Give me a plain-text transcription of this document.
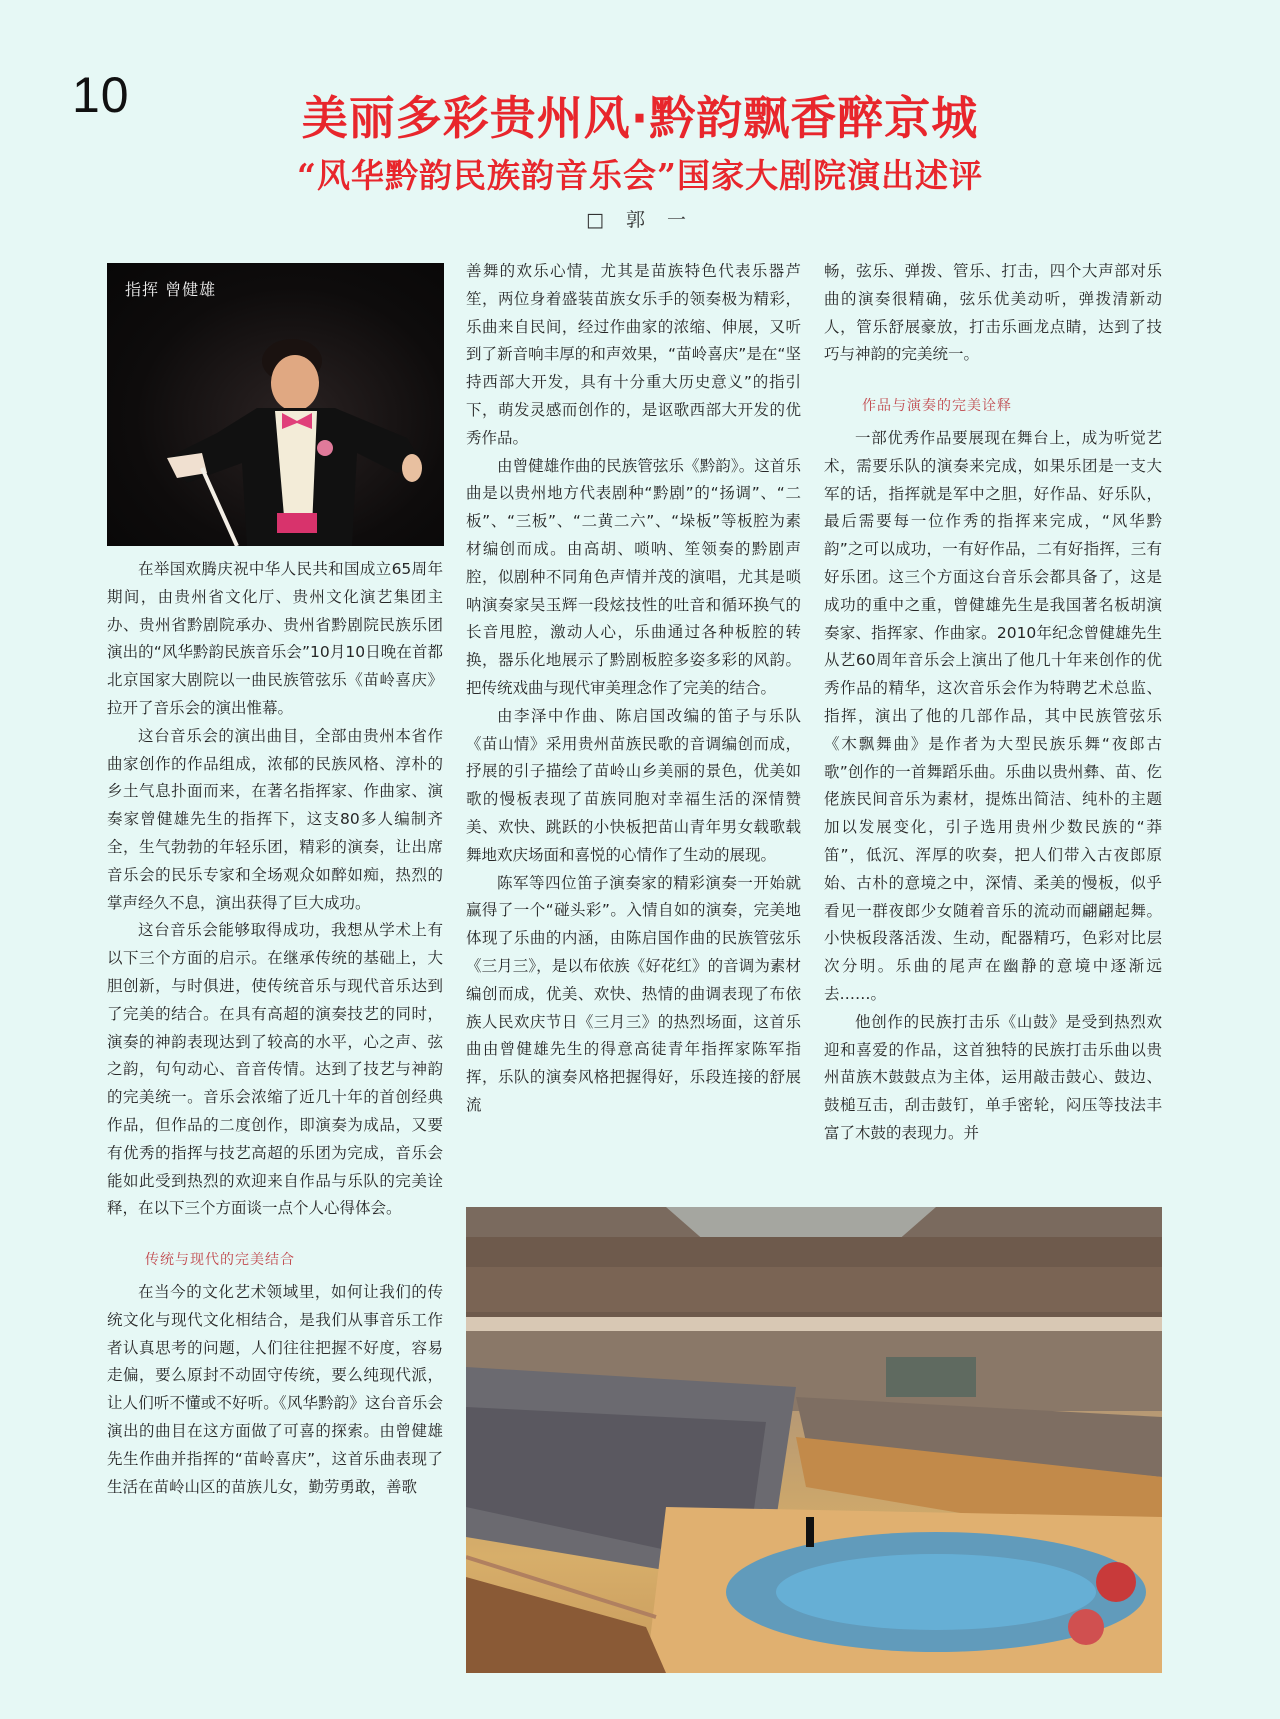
10	美丽多彩贵州风·黔韵飘香醉京城
“风华黔韵民族韵音乐会”国家大剧院演出述评
□ 郭 一
指挥 曾健雄

在举国欢腾庆祝中华人民共和国成立65周年期间，由贵州省文化厅、贵州文化演艺集团主办、贵州省黔剧院承办、贵州省黔剧院民族乐团演出的“风华黔韵民族音乐会”10月10日晚在首都北京国家大剧院以一曲民族管弦乐《苗岭喜庆》拉开了音乐会的演出惟幕。

这台音乐会的演出曲目，全部由贵州本省作曲家创作的作品组成，浓郁的民族风格、淳朴的乡土气息扑面而来，在著名指挥家、作曲家、演奏家曾健雄先生的指挥下，这支80多人编制齐全，生气勃勃的年轻乐团，精彩的演奏，让出席音乐会的民乐专家和全场观众如醉如痴，热烈的掌声经久不息，演出获得了巨大成功。

这台音乐会能够取得成功，我想从学术上有以下三个方面的启示。在继承传统的基础上，大胆创新，与时俱进，使传统音乐与现代音乐达到了完美的结合。在具有高超的演奏技艺的同时，演奏的神韵表现达到了较高的水平，心之声、弦之韵，句句动心、音音传情。达到了技艺与神韵的完美统一。音乐会浓缩了近几十年的首创经典作品，但作品的二度创作，即演奏为成品，又要有优秀的指挥与技艺高超的乐团为完成，音乐会能如此受到热烈的欢迎来自作品与乐队的完美诠释，在以下三个方面谈一点个人心得体会。

传统与现代的完美结合

在当今的文化艺术领域里，如何让我们的传统文化与现代文化相结合，是我们从事音乐工作者认真思考的问题，人们往往把握不好度，容易走偏，要么原封不动固守传统，要么纯现代派，让人们听不懂或不好听。《风华黔韵》这台音乐会演出的曲目在这方面做了可喜的探索。由曾健雄先生作曲并指挥的“苗岭喜庆”，这首乐曲表现了生活在苗岭山区的苗族儿女，勤劳勇敢，善歌

善舞的欢乐心情，尤其是苗族特色代表乐器芦笙，两位身着盛装苗族女乐手的领奏极为精彩，乐曲来自民间，经过作曲家的浓缩、伸展，又听到了新音响丰厚的和声效果，“苗岭喜庆”是在“坚持西部大开发，具有十分重大历史意义”的指引下，萌发灵感而创作的，是讴歌西部大开发的优秀作品。

由曾健雄作曲的民族管弦乐《黔韵》。这首乐曲是以贵州地方代表剧种“黔剧”的“扬调”、“二板”、“三板”、“二黄二六”、“垛板”等板腔为素材编创而成。由高胡、唢呐、笙领奏的黔剧声腔，似剧种不同角色声情并茂的演唱，尤其是唢呐演奏家吴玉辉一段炫技性的吐音和循环换气的长音甩腔，激动人心，乐曲通过各种板腔的转换，器乐化地展示了黔剧板腔多姿多彩的风韵。把传统戏曲与现代审美理念作了完美的结合。

由李泽中作曲、陈启国改编的笛子与乐队《苗山情》采用贵州苗族民歌的音调编创而成，抒展的引子描绘了苗岭山乡美丽的景色，优美如歌的慢板表现了苗族同胞对幸福生活的深情赞美、欢快、跳跃的小快板把苗山青年男女载歌载舞地欢庆场面和喜悦的心情作了生动的展现。

陈军等四位笛子演奏家的精彩演奏一开始就赢得了一个“碰头彩”。入情自如的演奏，完美地体现了乐曲的内涵，由陈启国作曲的民族管弦乐《三月三》，是以布依族《好花红》的音调为素材编创而成，优美、欢快、热情的曲调表现了布依族人民欢庆节日《三月三》的热烈场面，这首乐曲由曾健雄先生的得意高徒青年指挥家陈军指挥，乐队的演奏风格把握得好，乐段连接的舒展流

畅，弦乐、弹拨、管乐、打击，四个大声部对乐曲的演奏很精确，弦乐优美动听，弹拨清新动人，管乐舒展豪放，打击乐画龙点睛，达到了技巧与神韵的完美统一。

作品与演奏的完美诠释

一部优秀作品要展现在舞台上，成为听觉艺术，需要乐队的演奏来完成，如果乐团是一支大军的话，指挥就是军中之胆，好作品、好乐队，最后需要每一位作秀的指挥来完成，“风华黔韵”之可以成功，一有好作品，二有好指挥，三有好乐团。这三个方面这台音乐会都具备了，这是成功的重中之重，曾健雄先生是我国著名板胡演奏家、指挥家、作曲家。2010年纪念曾健雄先生从艺60周年音乐会上演出了他几十年来创作的优秀作品的精华，这次音乐会作为特聘艺术总监、指挥，演出了他的几部作品，其中民族管弦乐《木飘舞曲》是作者为大型民族乐舞“夜郎古歌”创作的一首舞蹈乐曲。乐曲以贵州彝、苗、仡佬族民间音乐为素材，提炼出简洁、纯朴的主题加以发展变化，引子选用贵州少数民族的“莽笛”，低沉、浑厚的吹奏，把人们带入古夜郎原始、古朴的意境之中，深情、柔美的慢板，似乎看见一群夜郎少女随着音乐的流动而翩翩起舞。小快板段落活泼、生动，配器精巧，色彩对比层次分明。乐曲的尾声在幽静的意境中逐渐远去……。

他创作的民族打击乐《山鼓》是受到热烈欢迎和喜爱的作品，这首独特的民族打击乐曲以贵州苗族木鼓鼓点为主体，运用敲击鼓心、鼓边、鼓槌互击，刮击鼓钉，单手密轮，闷压等技法丰富了木鼓的表现力。并
